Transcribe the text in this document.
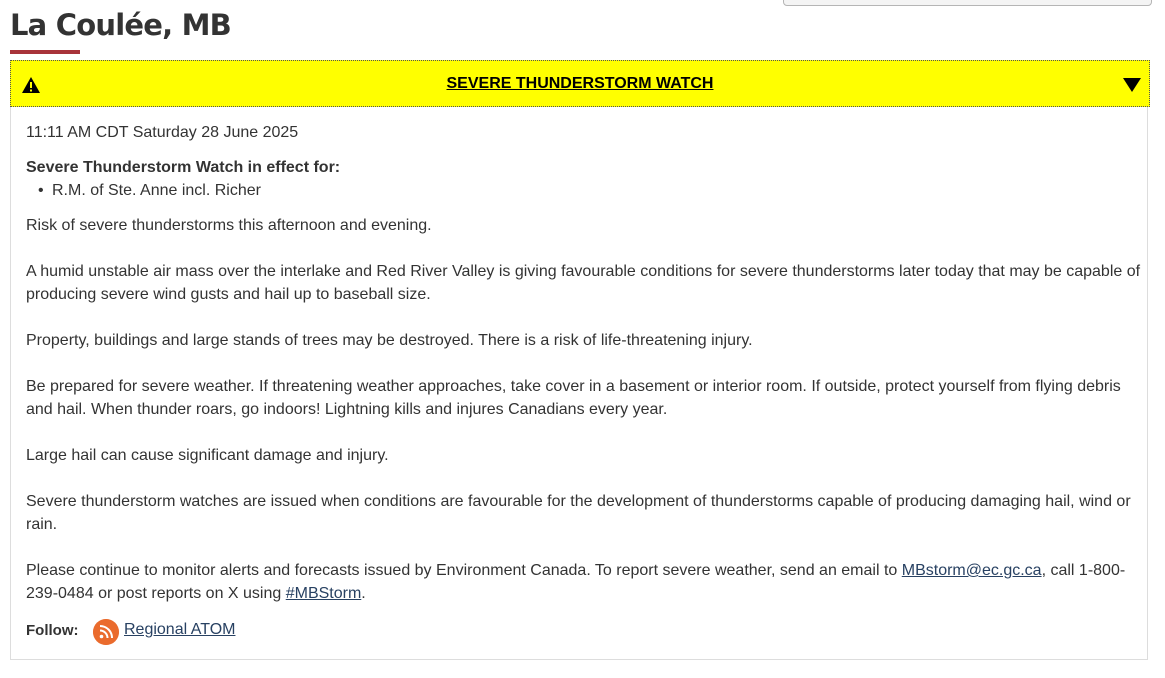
La Coulée, MB
SEVERE THUNDERSTORM WATCH

11:11 AM CDT Saturday 28 June 2025

Severe Thunderstorm Watch in effect for:

• R.M. of Ste. Anne incl. Richer

Risk of severe thunderstorms this afternoon and evening.

A humid unstable air mass over the interlake and Red River Valley is giving favourable conditions for severe thunderstorms later today that may be capable of producing severe wind gusts and hail up to baseball size.

Property, buildings and large stands of trees may be destroyed. There is a risk of life-threatening injury.

Be prepared for severe weather. If threatening weather approaches, take cover in a basement or interior room. If outside, protect yourself from flying debris and hail. When thunder roars, go indoors! Lightning kills and injures Canadians every year.

Large hail can cause significant damage and injury.

Severe thunderstorm watches are issued when conditions are favourable for the development of thunderstorms capable of producing damaging hail, wind or rain.

Please continue to monitor alerts and forecasts issued by Environment Canada. To report severe weather, send an email to MBstorm@ec.gc.ca, call 1-800-239-0484 or post reports on X using #MBStorm.

Follow:	Regional ATOM
